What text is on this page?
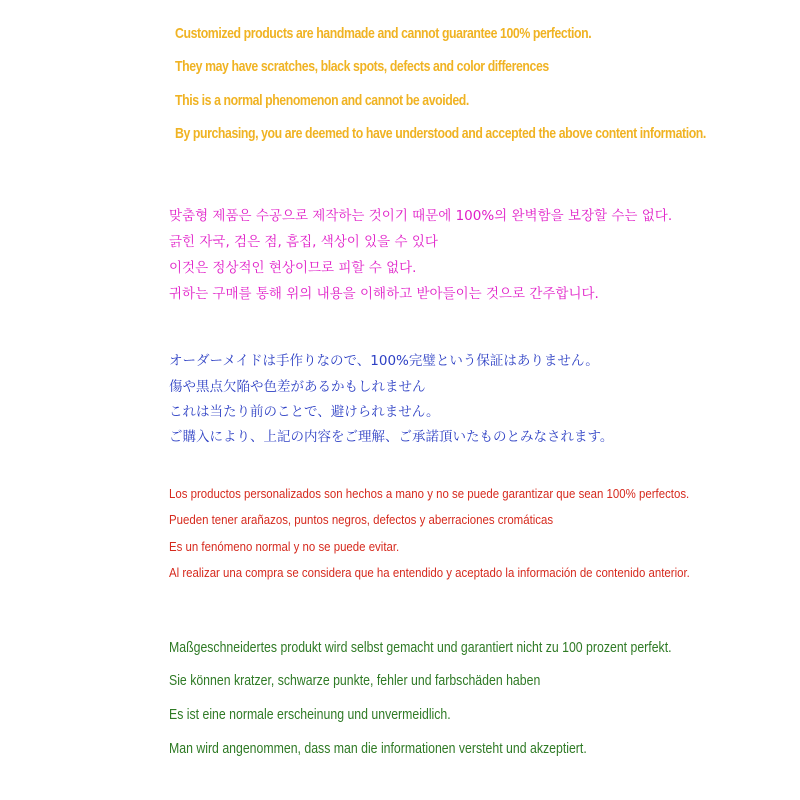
Customized products are handmade and cannot guarantee 100% perfection.

They may have scratches, black spots, defects and color differences

This is a normal phenomenon and cannot be avoided.

By purchasing, you are deemed to have understood and accepted the above content information.

맞춤형 제품은 수공으로 제작하는 것이기 때문에 100%의 완벽함을 보장할 수는 없다.

긁힌 자국, 검은 점, 흠집, 색상이 있을 수 있다

이것은 정상적인 현상이므로 피할 수 없다.

귀하는 구매를 통해 위의 내용을 이해하고 받아들이는 것으로 간주합니다.

オーダーメイドは手作りなので、100%完璧という保証はありません。

傷や黒点欠陥や色差があるかもしれません

これは当たり前のことで、避けられません。

ご購入により、上記の内容をご理解、ご承諾頂いたものとみなされます。

Los productos personalizados son hechos a mano y no se puede garantizar que sean 100% perfectos.

Pueden tener arañazos, puntos negros, defectos y aberraciones cromáticas

Es un fenómeno normal y no se puede evitar.

Al realizar una compra se considera que ha entendido y aceptado la información de contenido anterior.

Maßgeschneidertes produkt wird selbst gemacht und garantiert nicht zu 100 prozent perfekt.

Sie können kratzer, schwarze punkte, fehler und farbschäden haben

Es ist eine normale erscheinung und unvermeidlich.

Man wird angenommen, dass man die informationen versteht und akzeptiert.
